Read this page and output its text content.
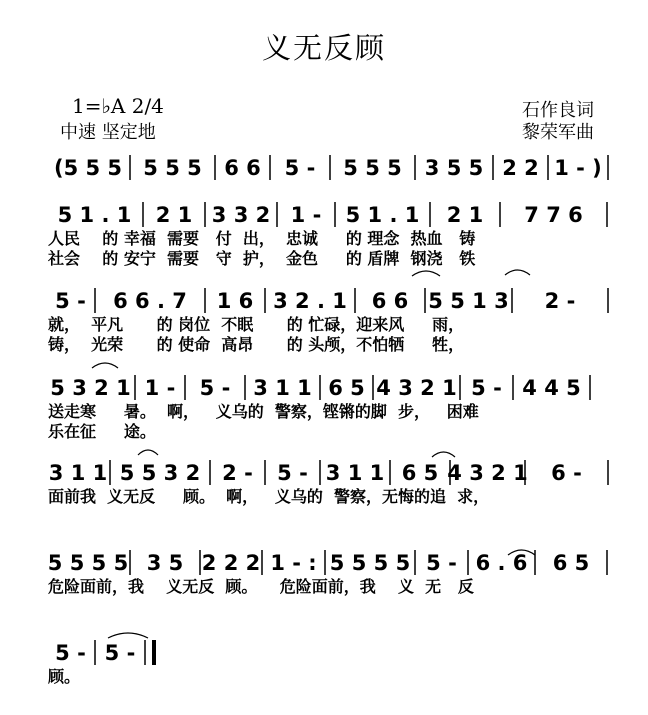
义无反顾
1=♭A 2/4
中速 坚定地
石作良词
黎荣军曲
(5 5 5 5 5 5 6 6 5 - 5 5 5 3 5 5 2 2 1 - )
5 1 . 1 2 1 3 3 2 1 - 5 1 . 1 2 1 7 7 6
人民    的 幸福  需要   付  出，  忠诚     的 理念  热血   铸
社会    的 安宁  需要   守  护，  金色     的 盾牌  钢浇   铁
5 - 6 6 . 7 1 6 3 2 . 1 6 6 5 5 1 3 2 -
就，  平凡      的 岗位  不眠      的 忙碌，迎来风     雨，
铸，  光荣      的 使命  高昂      的 头颅，不怕牺     牲，
5 3 2 1 1 - 5 - 3 1 1 6 5 4 3 2 1 5 - 4 4 5
送走寒     暑。  啊，   义乌的  警察，铿锵的脚  步，   困难
乐在征     途。
3 1 1 5 5 3 2 2 - 5 - 3 1 1 6 5 4 3 2 1 6 -
面前我  义无反     顾。  啊，   义乌的  警察，无悔的追  求，
5 5 5 5 3 5 2 2 2 1 - : 5 5 5 5 5 - 6 . 6 6 5
危险面前，我    义无反  顾。    危险面前，我    义  无   反
5 - 5 -
顾。
